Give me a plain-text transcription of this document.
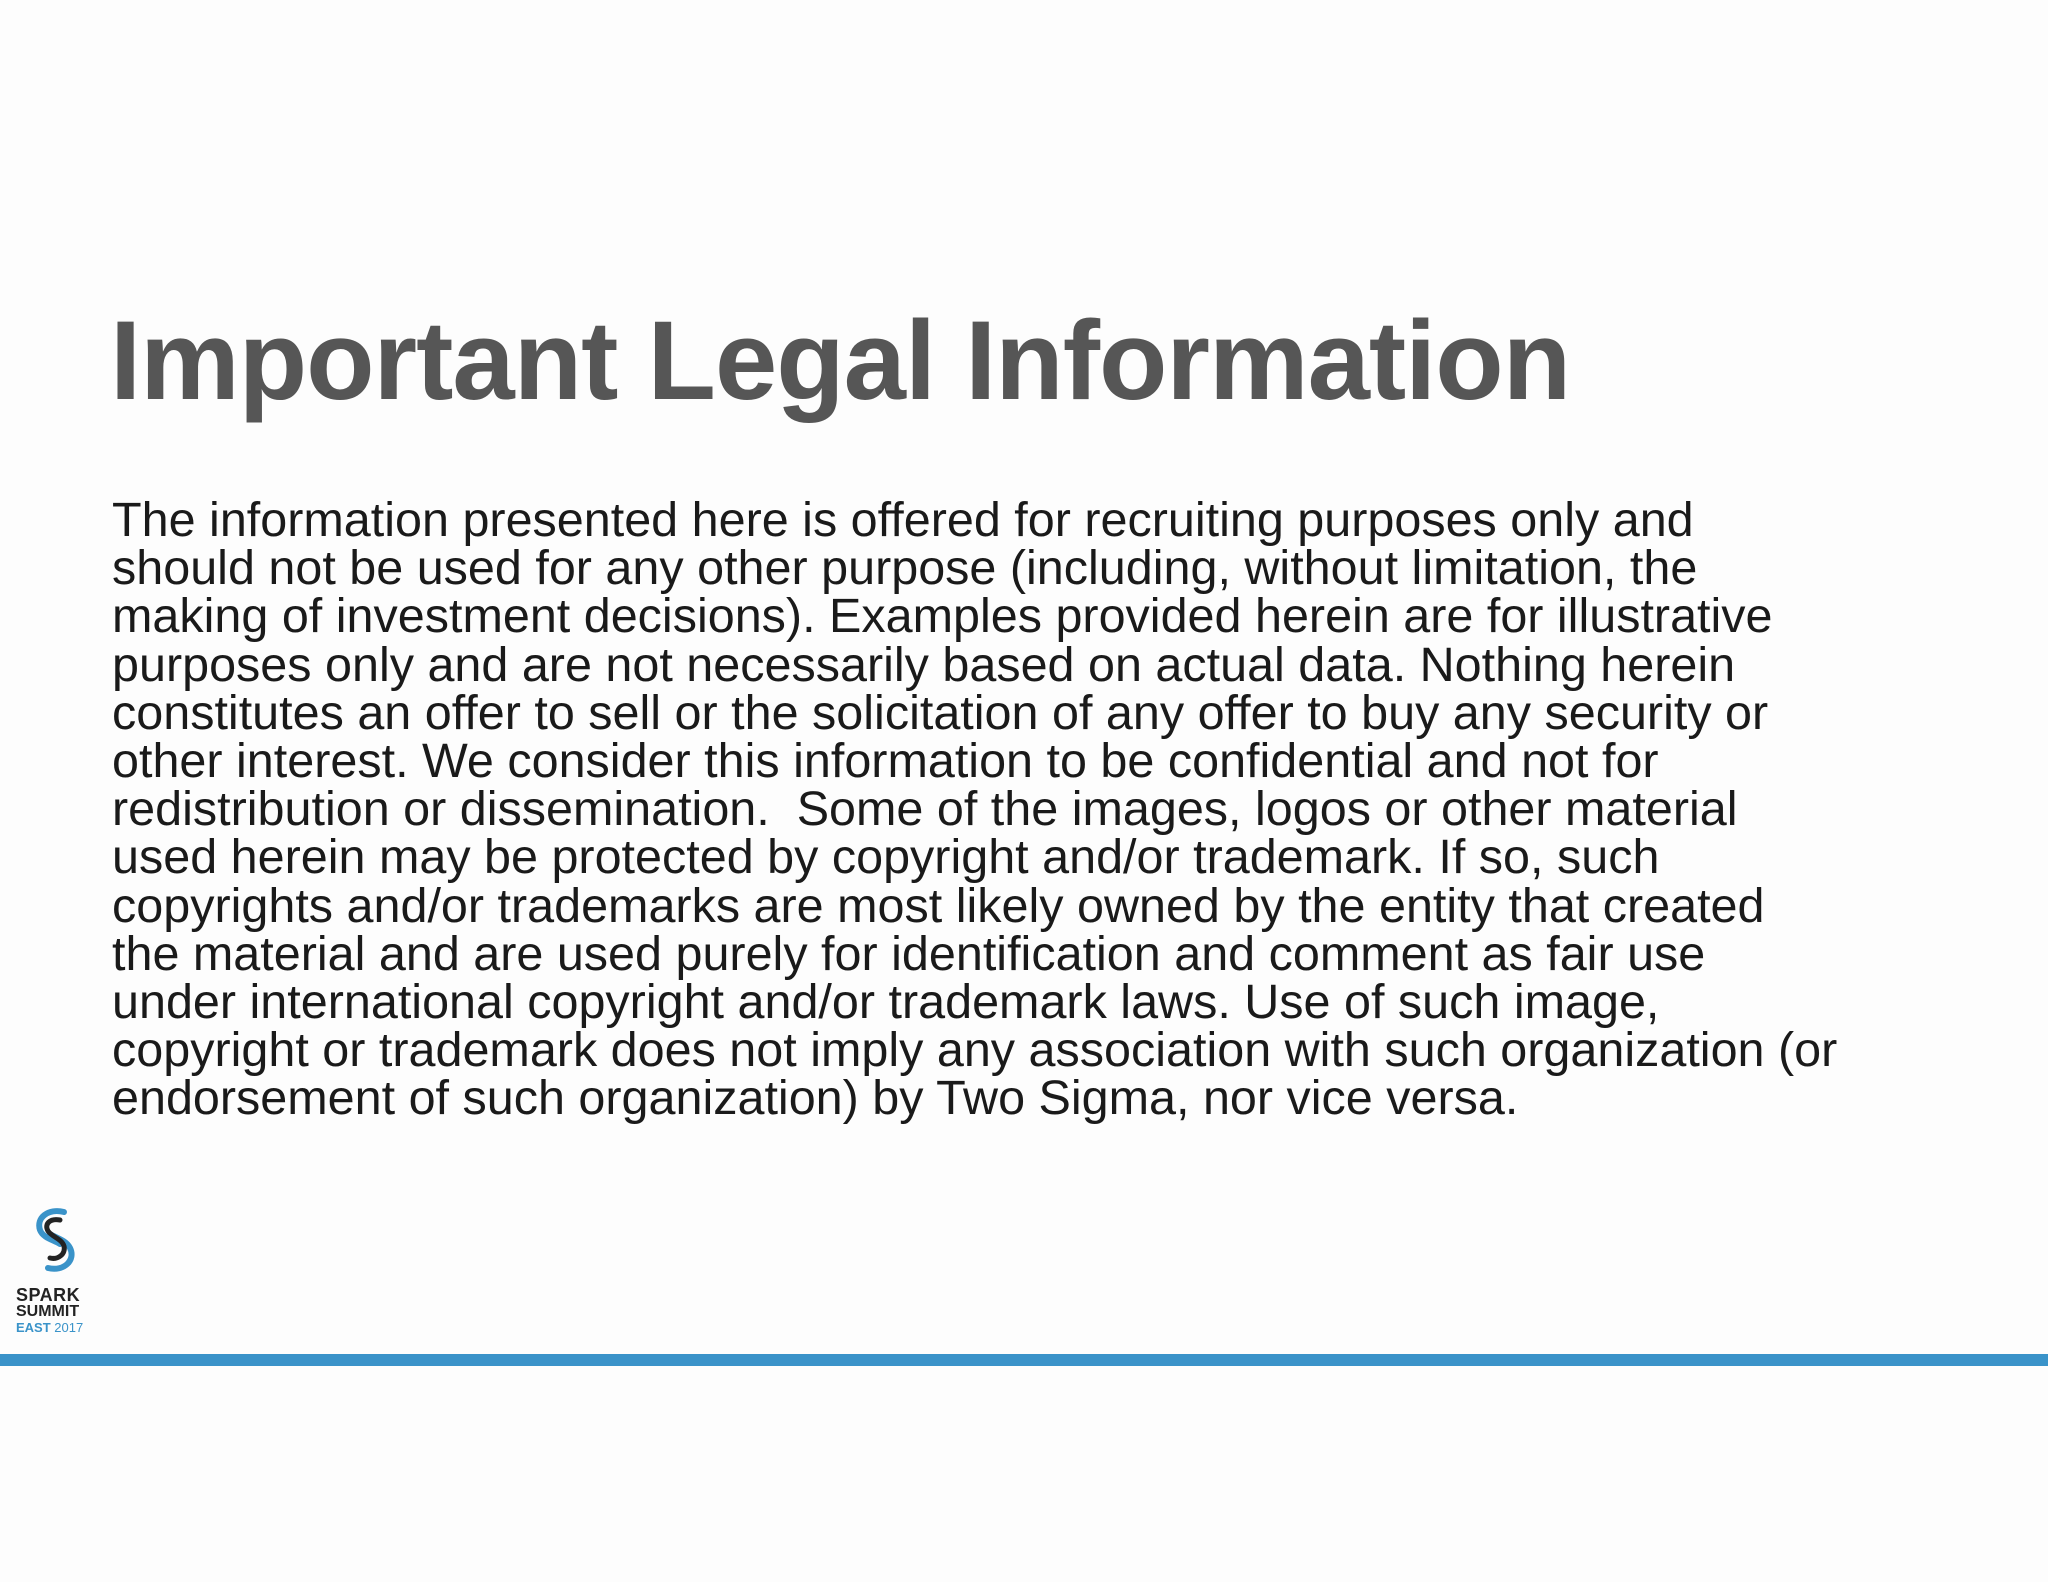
Important Legal Information
The information presented here is offered for recruiting purposes only and
should not be used for any other purpose (including, without limitation, the
making of investment decisions). Examples provided herein are for illustrative
purposes only and are not necessarily based on actual data. Nothing herein
constitutes an offer to sell or the solicitation of any offer to buy any security or
other interest. We consider this information to be confidential and not for
redistribution or dissemination.  Some of the images, logos or other material
used herein may be protected by copyright and/or trademark. If so, such
copyrights and/or trademarks are most likely owned by the entity that created
the material and are used purely for identification and comment as fair use
under international copyright and/or trademark laws. Use of such image,
copyright or trademark does not imply any association with such organization (or
endorsement of such organization) by Two Sigma, nor vice versa.
SPARK
SUMMIT
EAST 2017
